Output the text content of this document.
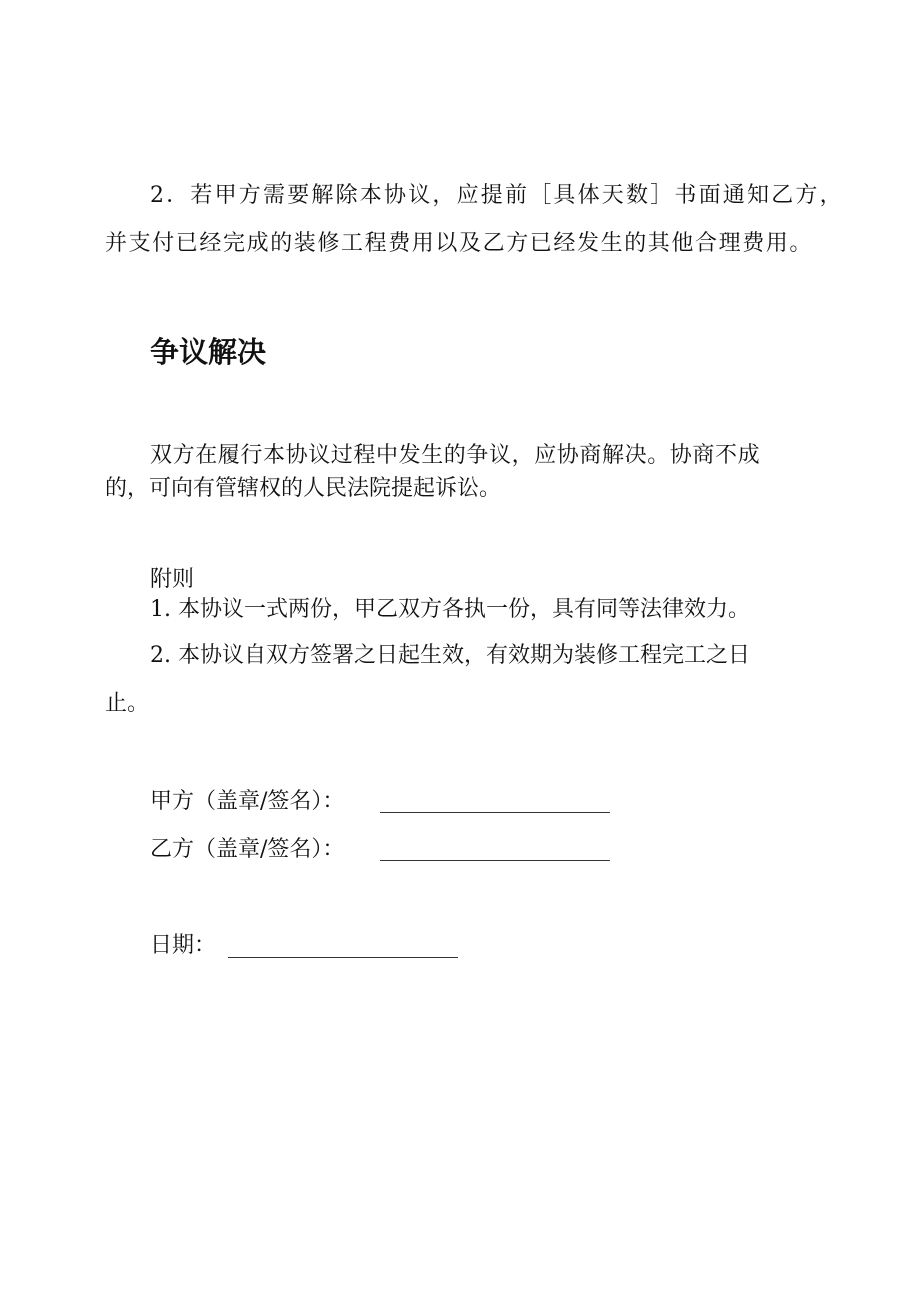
2．若甲方需要解除本协议，应提前［具体天数］书面通知乙方，
并支付已经完成的装修工程费用以及乙方已经发生的其他合理费用。
争议解决
双方在履行本协议过程中发生的争议，应协商解决。协商不成
的，可向有管辖权的人民法院提起诉讼。
附则
1. 本协议一式两份，甲乙双方各执一份，具有同等法律效力。
2. 本协议自双方签署之日起生效，有效期为装修工程完工之日
止。
甲方（盖章/签名）：
乙方（盖章/签名）：
日期：
